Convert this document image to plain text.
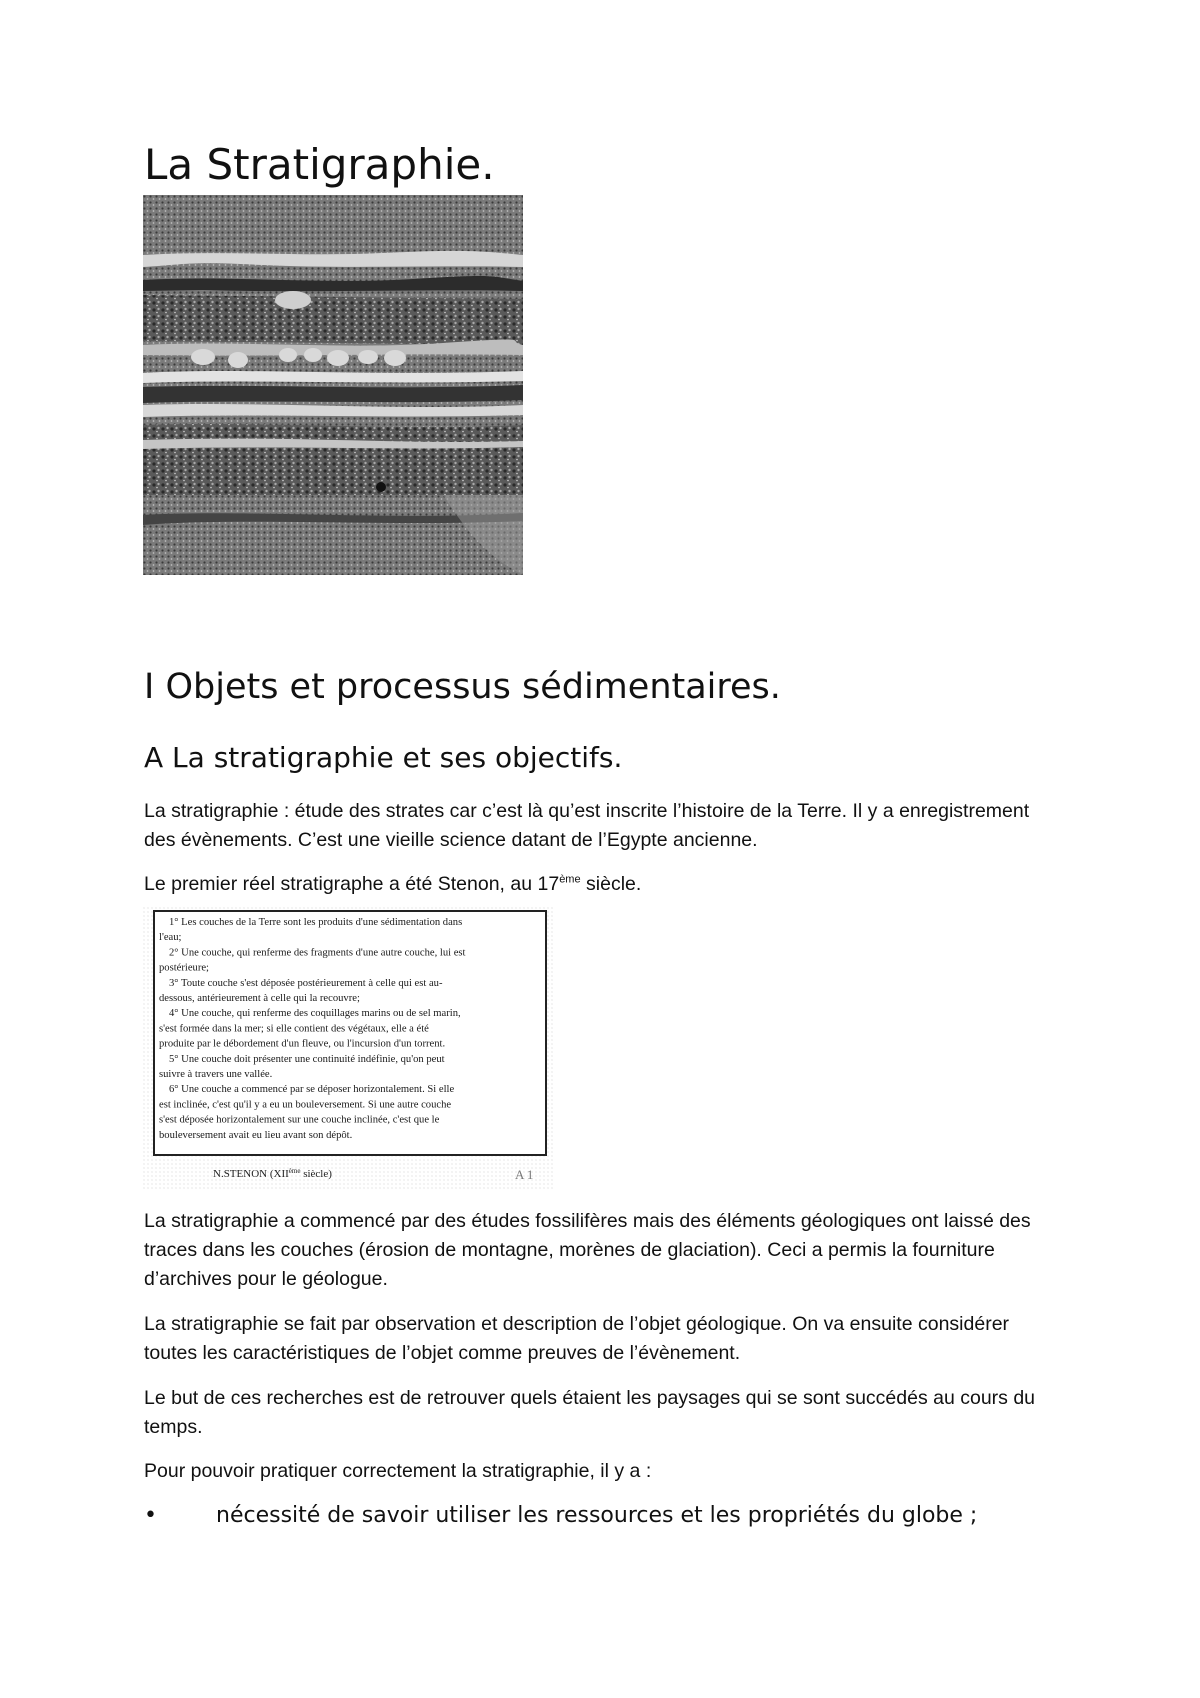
La Stratigraphie.
I Objets et processus sédimentaires.
A La stratigraphie et ses objectifs.

La stratigraphie : étude des strates car c’est là qu’est inscrite l’histoire de la Terre. Il y a enregistrement des évènements. C’est une vieille science datant de l’Egypte ancienne.

Le premier réel stratigraphe a été Stenon, au 17ème siècle.

1° Les couches de la Terre sont les produits d'une sédimentation dans
l'eau;
2° Une couche, qui renferme des fragments d'une autre couche, lui est
postérieure;
3° Toute couche s'est déposée postérieurement à celle qui est au-
dessous, antérieurement à celle qui la recouvre;
4° Une couche, qui renferme des coquillages marins ou de sel marin,
s'est formée dans la mer; si elle contient des végétaux, elle a été
produite par le débordement d'un fleuve, ou l'incursion d'un torrent.
5° Une couche doit présenter une continuité indéfinie, qu'on peut
suivre à travers une vallée.
6° Une couche a commencé par se déposer horizontalement. Si elle
est inclinée, c'est qu'il y a eu un bouleversement. Si une autre couche
s'est déposée horizontalement sur une couche inclinée, c'est que le
bouleversement avait eu lieu avant son dépôt.
N.STENON (XIIème siècle)	A 1

La stratigraphie a commencé par des études fossilifères mais des éléments géologiques ont laissé des traces dans les couches (érosion de montagne, morènes de glaciation). Ceci a permis la fourniture d’archives pour le géologue.

La stratigraphie se fait par observation et description de l’objet géologique. On va ensuite considérer toutes les caractéristiques de l’objet comme preuves de l’évènement.

Le but de ces recherches est de retrouver quels étaient les paysages qui se sont succédés au cours du temps.

Pour pouvoir pratiquer correctement la stratigraphie, il y a :

•	nécessité de savoir utiliser les ressources et les propriétés du globe ;
